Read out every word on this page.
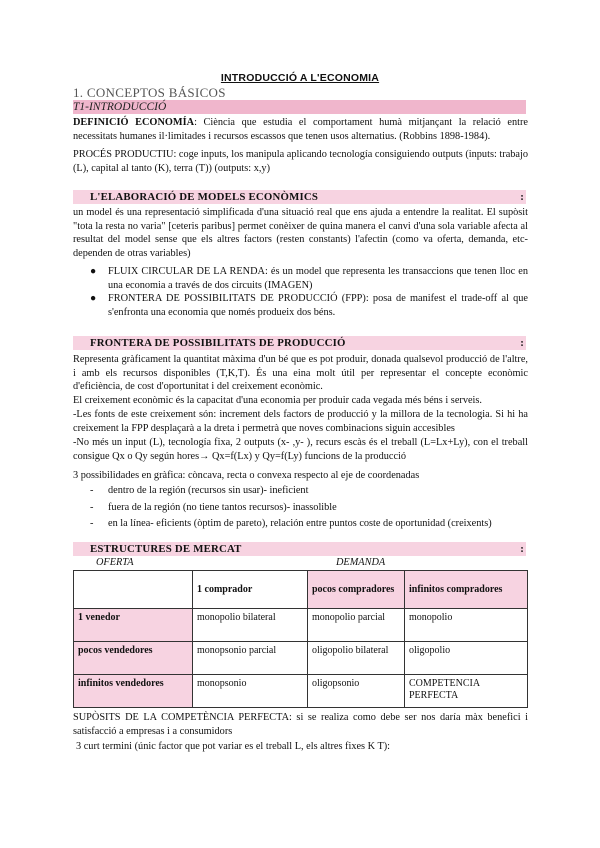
INTRODUCCIÓ A L'ECONOMIA
1. CONCEPTOS BÁSICOS
T1-INTRODUCCIÓ
DEFINICIÓ ECONOMÍA: Ciència que estudia el comportament humà mitjançant la relació entre necessitats humanes il·limitades i recursos escassos que tenen usos alternatius. (Robbins 1898-1984).
PROCÉS PRODUCTIU: coge inputs, los manipula aplicando tecnología consiguiendo outputs (inputs: trabajo (L), capital al tanto (K), terra (T)) (outputs: x,y)
L'ELABORACIÓ DE MODELS ECONÒMICS	:
un model és una representació simplificada d'una situació real que ens ajuda a entendre la realitat. El supòsit "tota la resta no varia" [ceteris paribus] permet conèixer de quina manera el canvi d'una sola variable afecta al resultat del model sense que els altres factors (resten constants) l'afectin (como va oferta, demanda, etc- dependen de otras variables)
● FLUIX CIRCULAR DE LA RENDA: és un model que representa les transaccions que tenen lloc en una economia a través de dos circuits (IMAGEN)
● FRONTERA DE POSSIBILITATS DE PRODUCCIÓ (FPP): posa de manifest el trade-off al que s'enfronta una economia que només produeix dos béns.
FRONTERA DE POSSIBILITATS DE PRODUCCIÓ	:
Representa gràficament la quantitat màxima d'un bé que es pot produir, donada qualsevol producció de l'altre, i amb els recursos disponibles (T,K,T). És una eina molt útil per representar el concepte econòmic d'eficiència, de cost d'oportunitat i del creixement econòmic.
El creixement econòmic és la capacitat d'una economia per produir cada vegada més béns i serveis.
-Les fonts de este creixement són: increment dels factors de producció y la millora de la tecnologia. Si hi ha creixement la FPP desplaçarà a la dreta i permetrà que noves combinacions siguin accesibles
-No més un input (L), tecnología fixa, 2 outputs (x- ,y- ), recurs escàs és el treball (L=Lx+Ly), con el treball consigue Qx o Qy según hores→ Qx=f(Lx) y Qy=f(Ly) funcions de la producció
3 possibilidades en gràfica: còncava, recta o convexa respecto al eje de coordenadas
- dentro de la región (recursos sin usar)- ineficient
- fuera de la región (no tiene tantos recursos)- inassolible
- en la línea- eficients (òptim de pareto), relación entre puntos coste de oportunidad (creixents)
ESTRUCTURES DE MERCAT	:
OFERTA	DEMANDA
	1 comprador	pocos compradores	infinitos compradores
1 venedor	monopolio bilateral	monopolio parcial	monopolio
pocos vendedores	monopsonio parcial	oligopolio bilateral	oligopolio
infinitos vendedores	monopsonio	oligopsonio	COMPETENCIA PERFECTA
SUPÒSITS DE LA COMPETÈNCIA PERFECTA: si se realiza como debe ser nos daría màx benefici i satisfacció a empresas i a consumidors
3 curt termini (únic factor que pot variar es el treball L, els altres fixes K T):
